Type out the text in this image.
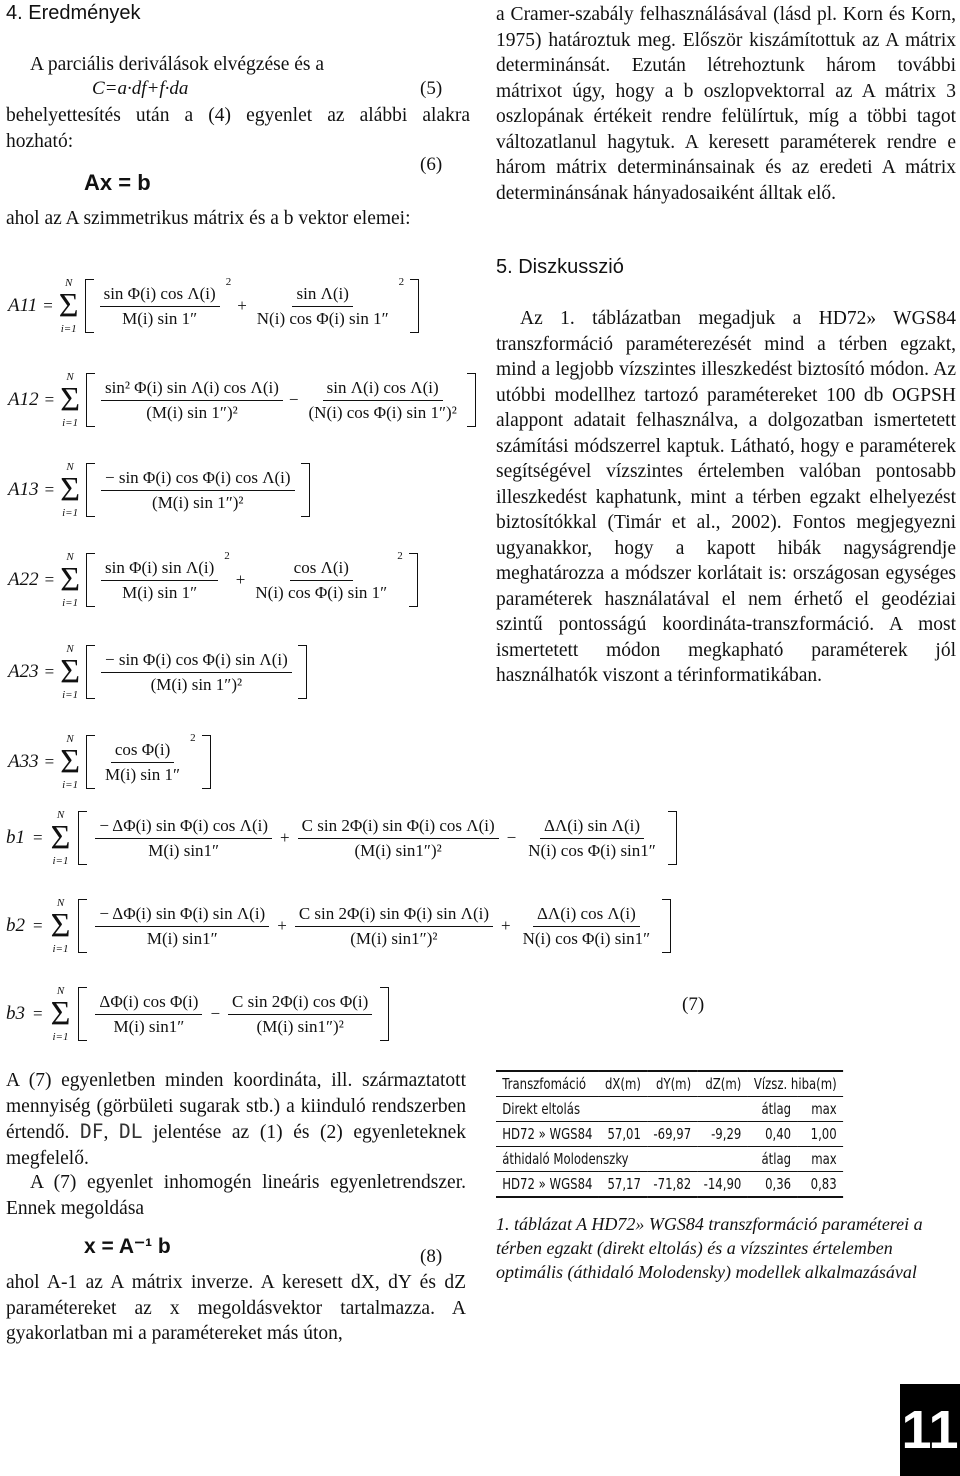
4. Eredmények

A parciális deriválások elvégzése és a

C=a·df+f·da	(5)

behelyettesítés után a (4) egyenlet az alábbi alakra hozható:

Ax = b
(6)

ahol az A szimmetrikus mátrix és a b vektor elemei:

A11 =
N
Σ
i=1
$\frac{\text{sin Φ(i) cos Λ(i)}}{M(i) \sin 1''}$
2
+ $\frac{\text{sin Λ(i)}}{\text{N(i) cos Φ(i) sin 1″}}$
2
A12 =
N
Σ
i=1
$\frac{\text{sin² Φ(i) sin Λ(i) cos Λ(i)}}{\text{(M(i) sin 1″)²}} - \frac{\text{sin Λ(i) cos Λ(i)}}{\text{(N(i) cos Φ(i) sin 1″)²}}$
A13 =
N
Σ
i=1
$\frac{\text{− sin Φ(i) cos Φ(i) cos Λ(i)}}{\text{(M(i) sin 1″)²}}$
A22 =
N
Σ
i=1
$\frac{\text{sin Φ(i) sin Λ(i)}}{M(i) \sin 1''}$
2
+ $\frac{\text{cos Λ(i)}}{\text{N(i) cos Φ(i) sin 1″}}$
2
A23 =
N
Σ
i=1
$\frac{\text{− sin Φ(i) cos Φ(i) sin Λ(i)}}{\text{(M(i) sin 1″)²}}$
A33 =
N
Σ
i=1
$\frac{\text{cos Φ(i)}}{M(i) \sin 1''}$
2
b1 =
N
Σ
i=1
$\frac{\text{− ΔΦ(i) sin Φ(i) cos Λ(i)}}{M(i) \sin 1''} + \frac{\text{C sin 2Φ(i) sin Φ(i) cos Λ(i)}}{\text{(M(i) sin1″)²}} - \frac{\text{ΔΛ(i) sin Λ(i)}}{\text{N(i) cos Φ(i) sin1″}}$
b2 =
N
Σ
i=1
$\frac{\text{− ΔΦ(i) sin Φ(i) sin Λ(i)}}{M(i) \sin 1''} + \frac{\text{C sin 2Φ(i) sin Φ(i) sin Λ(i)}}{\text{(M(i) sin1″)²}} + \frac{\text{ΔΛ(i) cos Λ(i)}}{\text{N(i) cos Φ(i) sin1″}}$
b3 =
N
Σ
i=1
$\frac{\text{ΔΦ(i) cos Φ(i)}}{M(i) \sin 1''} - \frac{\text{C sin 2Φ(i) cos Φ(i)}}{\text{(M(i) sin1″)²}}$	(7)

A (7) egyenletben minden koordináta, ill. származtatott mennyiség (görbületi sugarak stb.) a kiinduló rendszerben értendő. DF, DL jelentése az (1) és (2) egyenleteknek megfelelő.

A (7) egyenlet inhomogén lineáris egyenletrendszer. Ennek megoldása

x = A⁻¹ b	(8)

ahol A-1 az A mátrix inverze. A keresett dX, dY és dZ paramétereket az x megoldásvektor tartalmazza. A gyakorlatban mi a paramétereket más úton,

a Cramer-szabály felhasználásával (lásd pl. Korn és Korn, 1975) határoztuk meg. Először kiszámítottuk az A mátrix determinánsát. Ezután létrehoztunk három további mátrixot úgy, hogy a b oszlopvektorral az A mátrix 3 oszlopának értékeit rendre felülírtuk, míg a többi tagot változatlanul hagytuk. A keresett paraméterek rendre e három mátrix determinánsainak és az eredeti A mátrix determinánsának hányadosaiként álltak elő.

5. Diszkusszió

Az 1. táblázatban megadjuk a HD72» WGS84 transzformáció paraméterezését mind a térben egzakt, mind a legjobb vízszintes illeszkedést biztosító módon. Az utóbbi modellhez tartozó paramétereket 100 db OGPSH alappont adatait felhasználva, a dolgozatban ismertetett számítási módszerrel kaptuk. Látható, hogy e paraméterek segítségével vízszintes értelemben valóban pontosabb illeszkedést kaphatunk, mint a térben egzakt elhelyezést biztosítókkal (Timár et al., 2002). Fontos megjegyezni ugyanakkor, hogy a kapott hibák nagyságrendje meghatározza a módszer korlátait is: országosan egységes paraméterek használatával el nem érhető el geodéziai szintű pontosságú koordináta-transzformáció. A most ismertetett módon megkapható paraméterek jól használhatók viszont a térinformatikában.

Transzfomáció	dX(m)	dY(m)	dZ(m)	Vízsz. hiba(m)	
Direkt eltolás				átlag	max
HD72 » WGS84	57,01	-69,97	-9,29	0,40	1,00
áthidaló Molodenszky				átlag	max
HD72 » WGS84	57,17	-71,82	-14,90	0,36	0,83

1. táblázat A HD72» WGS84 transzformáció paraméterei a térben egzakt (direkt eltolás) és a vízszintes értelemben optimális (áthidaló Molodensky) modellek alkalmazásával

11
